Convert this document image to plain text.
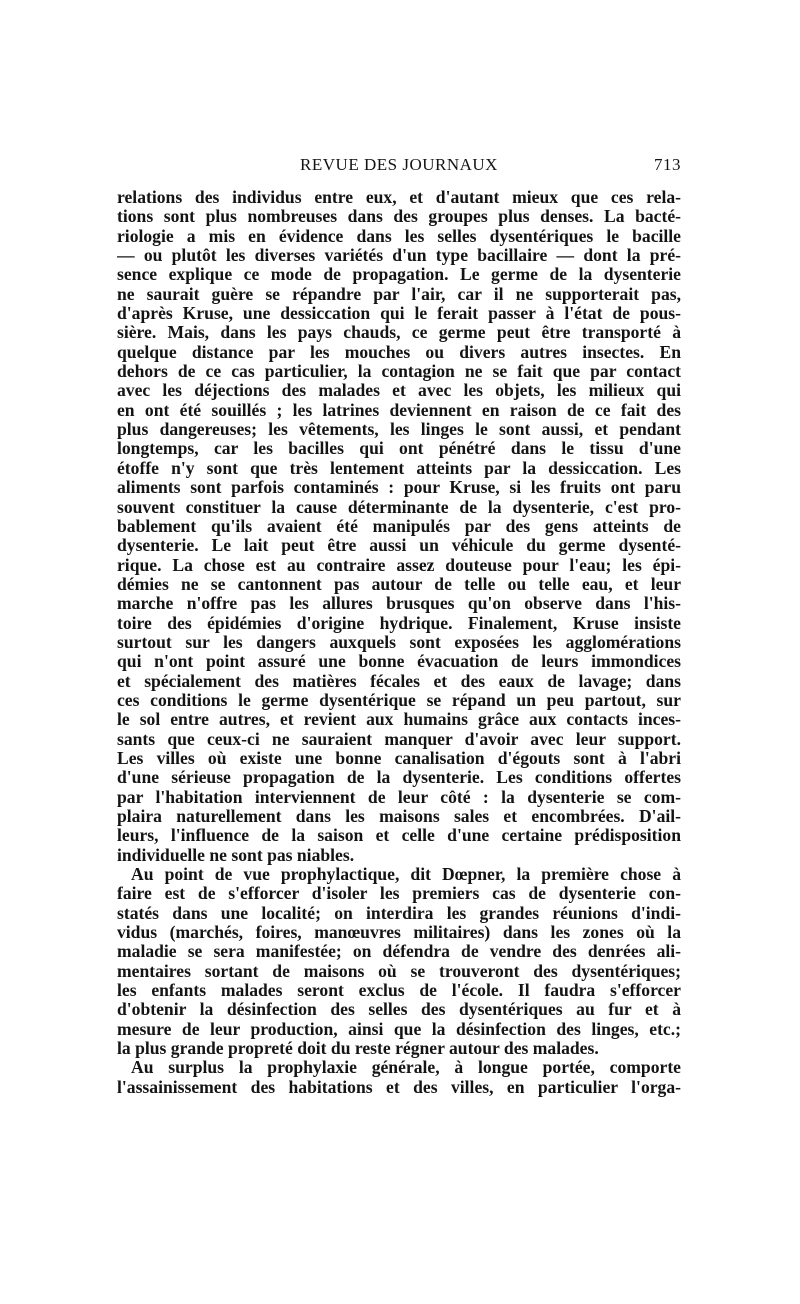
REVUE DES JOURNAUX	713
relations des individus entre eux, et d'autant mieux que ces rela-
tions sont plus nombreuses dans des groupes plus denses. La bacté-
riologie a mis en évidence dans les selles dysentériques le bacille
— ou plutôt les diverses variétés d'un type bacillaire — dont la pré-
sence explique ce mode de propagation. Le germe de la dysenterie
ne saurait guère se répandre par l'air, car il ne supporterait pas,
d'après Kruse, une dessiccation qui le ferait passer à l'état de pous-
sière. Mais, dans les pays chauds, ce germe peut être transporté à
quelque distance par les mouches ou divers autres insectes. En
dehors de ce cas particulier, la contagion ne se fait que par contact
avec les déjections des malades et avec les objets, les milieux qui
en ont été souillés ; les latrines deviennent en raison de ce fait des
plus dangereuses; les vêtements, les linges le sont aussi, et pendant
longtemps, car les bacilles qui ont pénétré dans le tissu d'une
étoffe n'y sont que très lentement atteints par la dessiccation. Les
aliments sont parfois contaminés : pour Kruse, si les fruits ont paru
souvent constituer la cause déterminante de la dysenterie, c'est pro-
bablement qu'ils avaient été manipulés par des gens atteints de
dysenterie. Le lait peut être aussi un véhicule du germe dysenté-
rique. La chose est au contraire assez douteuse pour l'eau; les épi-
démies ne se cantonnent pas autour de telle ou telle eau, et leur
marche n'offre pas les allures brusques qu'on observe dans l'his-
toire des épidémies d'origine hydrique. Finalement, Kruse insiste
surtout sur les dangers auxquels sont exposées les agglomérations
qui n'ont point assuré une bonne évacuation de leurs immondices
et spécialement des matières fécales et des eaux de lavage; dans
ces conditions le germe dysentérique se répand un peu partout, sur
le sol entre autres, et revient aux humains grâce aux contacts inces-
sants que ceux-ci ne sauraient manquer d'avoir avec leur support.
Les villes où existe une bonne canalisation d'égouts sont à l'abri
d'une sérieuse propagation de la dysenterie. Les conditions offertes
par l'habitation interviennent de leur côté : la dysenterie se com-
plaira naturellement dans les maisons sales et encombrées. D'ail-
leurs, l'influence de la saison et celle d'une certaine prédisposition
individuelle ne sont pas niables.
Au point de vue prophylactique, dit Dœpner, la première chose à
faire est de s'efforcer d'isoler les premiers cas de dysenterie con-
statés dans une localité; on interdira les grandes réunions d'indi-
vidus (marchés, foires, manœuvres militaires) dans les zones où la
maladie se sera manifestée; on défendra de vendre des denrées ali-
mentaires sortant de maisons où se trouveront des dysentériques;
les enfants malades seront exclus de l'école. Il faudra s'efforcer
d'obtenir la désinfection des selles des dysentériques au fur et à
mesure de leur production, ainsi que la désinfection des linges, etc.;
la plus grande propreté doit du reste régner autour des malades.
Au surplus la prophylaxie générale, à longue portée, comporte
l'assainissement des habitations et des villes, en particulier l'orga-
